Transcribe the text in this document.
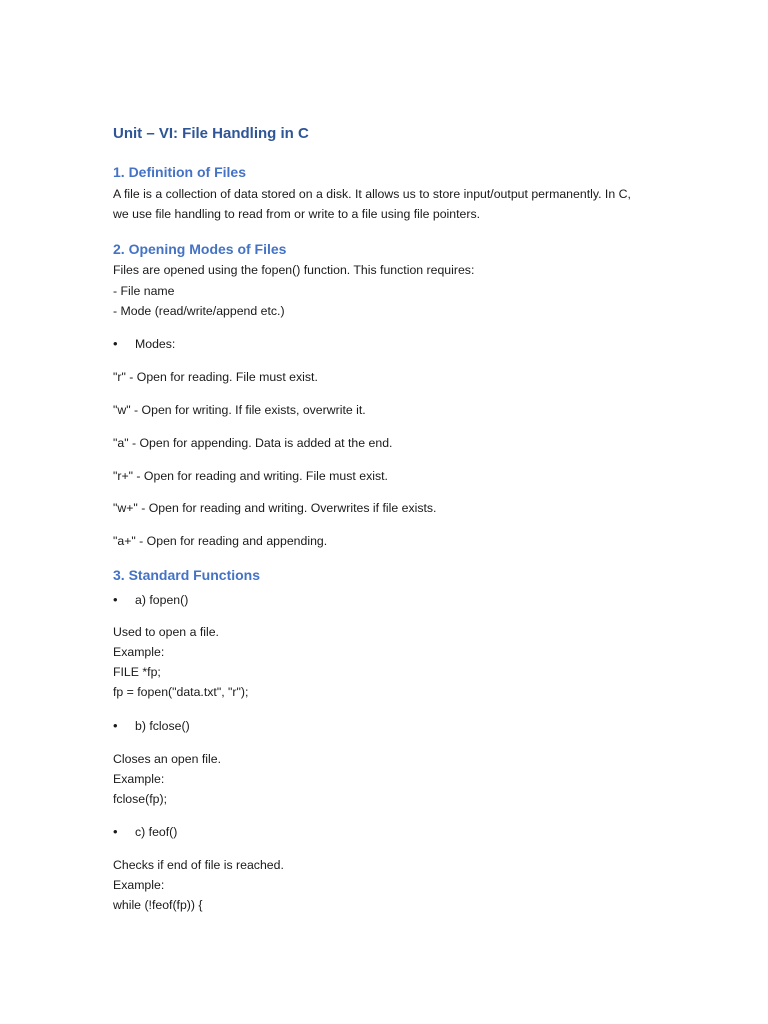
Unit – VI: File Handling in C
1. Definition of Files
A file is a collection of data stored on a disk. It allows us to store input/output permanently. In C,
we use file handling to read from or write to a file using file pointers.
2. Opening Modes of Files
Files are opened using the fopen() function. This function requires:
- File name
- Mode (read/write/append etc.)
• Modes:
"r" - Open for reading. File must exist.
"w" - Open for writing. If file exists, overwrite it.
"a" - Open for appending. Data is added at the end.
"r+" - Open for reading and writing. File must exist.
"w+" - Open for reading and writing. Overwrites if file exists.
"a+" - Open for reading and appending.
3. Standard Functions
• a) fopen()
Used to open a file.
Example:
FILE *fp;
fp = fopen("data.txt", "r");
• b) fclose()
Closes an open file.
Example:
fclose(fp);
• c) feof()
Checks if end of file is reached.
Example:
while (!feof(fp)) {
